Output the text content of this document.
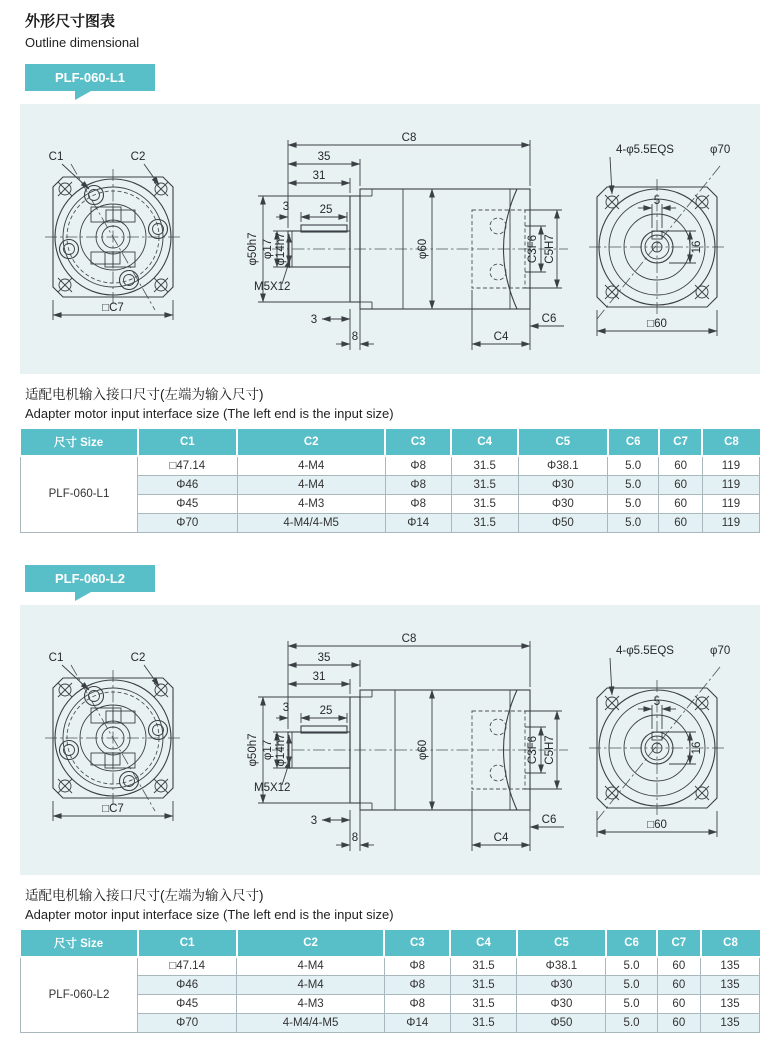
外形尺寸图表
Outline dimensional
PLF-060-L1
C1	C2
□C7
C8
35
31
3	25
φ50h7 φ17 φ14h7
M5X12
φ60	C3F6 C5H7
3
8	C4
C6
4-φ5.5EQS	φ70
5
16
□60
适配电机输入接口尺寸(左端为输入尺寸)
Adapter motor input interface size (The left end is the input size)
尺寸 Size	C1	C2	C3	C4	C5	C6	C7	C8
PLF-060-L1	□47.14	4-M4	Φ8	31.5	Φ38.1	5.0	60	119
	Φ46	4-M4	Φ8	31.5	Φ30	5.0	60	119
	Φ45	4-M3	Φ8	31.5	Φ30	5.0	60	119
	Φ70	4-M4/4-M5	Φ14	31.5	Φ50	5.0	60	119
PLF-060-L2
C1	C2
□C7
C8
35
31
3	25
φ50h7 φ17 φ14h7
M5X12
φ60	C3F6 C5H7
3
8	C4
C6
4-φ5.5EQS	φ70
5
16
□60
适配电机输入接口尺寸(左端为输入尺寸)
Adapter motor input interface size (The left end is the input size)
尺寸 Size	C1	C2	C3	C4	C5	C6	C7	C8
PLF-060-L2	□47.14	4-M4	Φ8	31.5	Φ38.1	5.0	60	135
	Φ46	4-M4	Φ8	31.5	Φ30	5.0	60	135
	Φ45	4-M3	Φ8	31.5	Φ30	5.0	60	135
	Φ70	4-M4/4-M5	Φ14	31.5	Φ50	5.0	60	135
